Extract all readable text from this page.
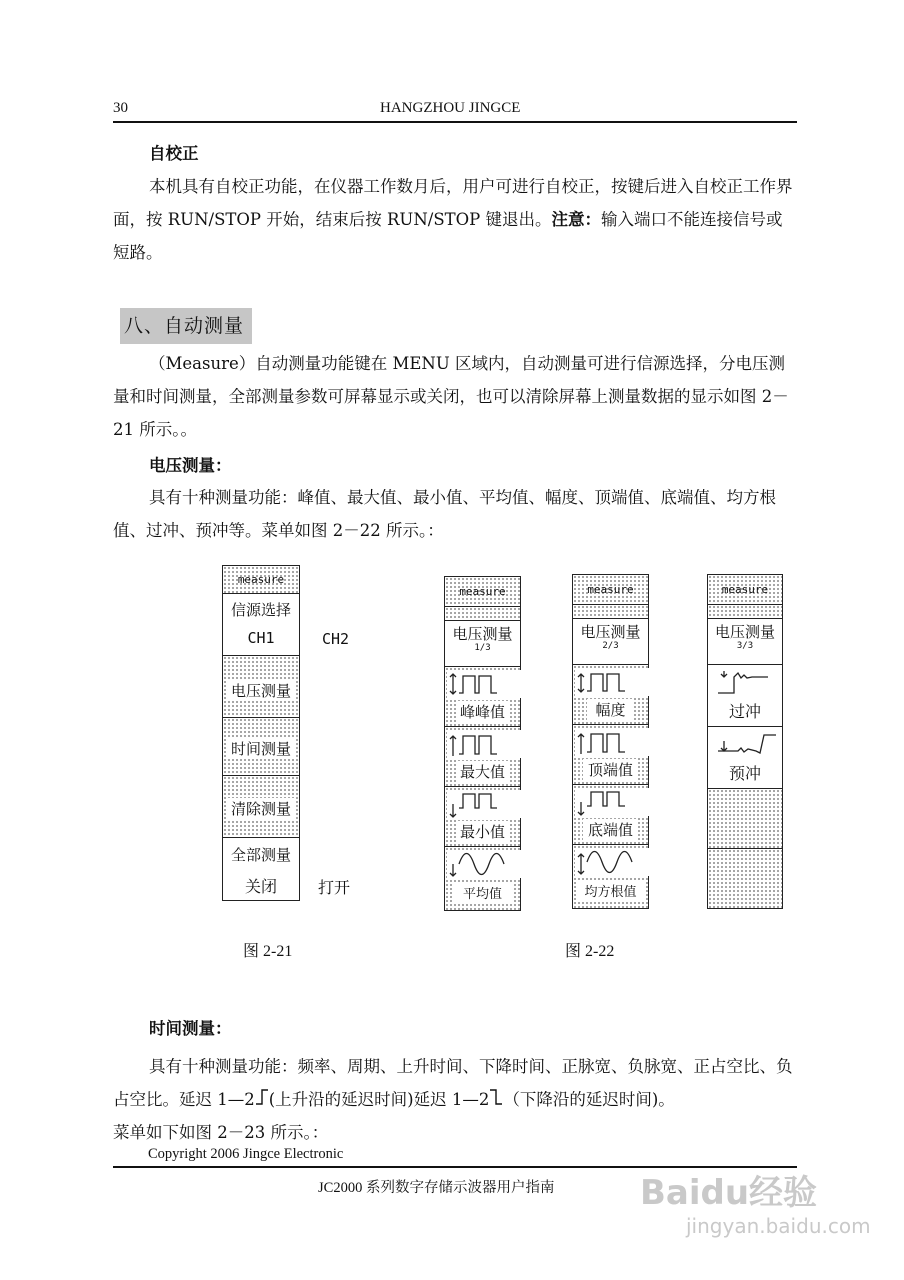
30	HANGZHOU JINGCE
自校正
本机具有自校正功能，在仪器工作数月后，用户可进行自校正，按键后进入自校正工作界面，按 RUN/STOP 开始，结束后按 RUN/STOP 键退出。注意：输入端口不能连接信号或短路。
八、自动测量
（Measure）自动测量功能键在 MENU 区域内，自动测量可进行信源选择，分电压测量和时间测量，全部测量参数可屏幕显示或关闭，也可以清除屏幕上测量数据的显示如图 2－21 所示。。
电压测量：
具有十种测量功能：峰值、最大值、最小值、平均值、幅度、顶端值、底端值、均方根值、过冲、预冲等。菜单如图 2－22 所示。：
measure
信源选择
CH1
电压测量
时间测量
清除测量
全部测量
关闭
CH2
打开
图 2-21
measure
电压测量
1/3
峰峰值
最大值
最小值
平均值
measure
电压测量
2/3
幅度
顶端值
底端值
均方根值
measure
电压测量
3/3
过冲
预冲
图 2-22
时间测量：
具有十种测量功能：频率、周期、上升时间、下降时间、正脉宽、负脉宽、正占空比、负占空比。延迟 1—2 (上升沿的延迟时间)延迟 1—2 （下降沿的延迟时间)。
菜单如下如图 2－23 所示。：
Copyright 2006 Jingce Electronic
JC2000 系列数字存储示波器用户指南	Baidu经验
jingyan.baidu.com
